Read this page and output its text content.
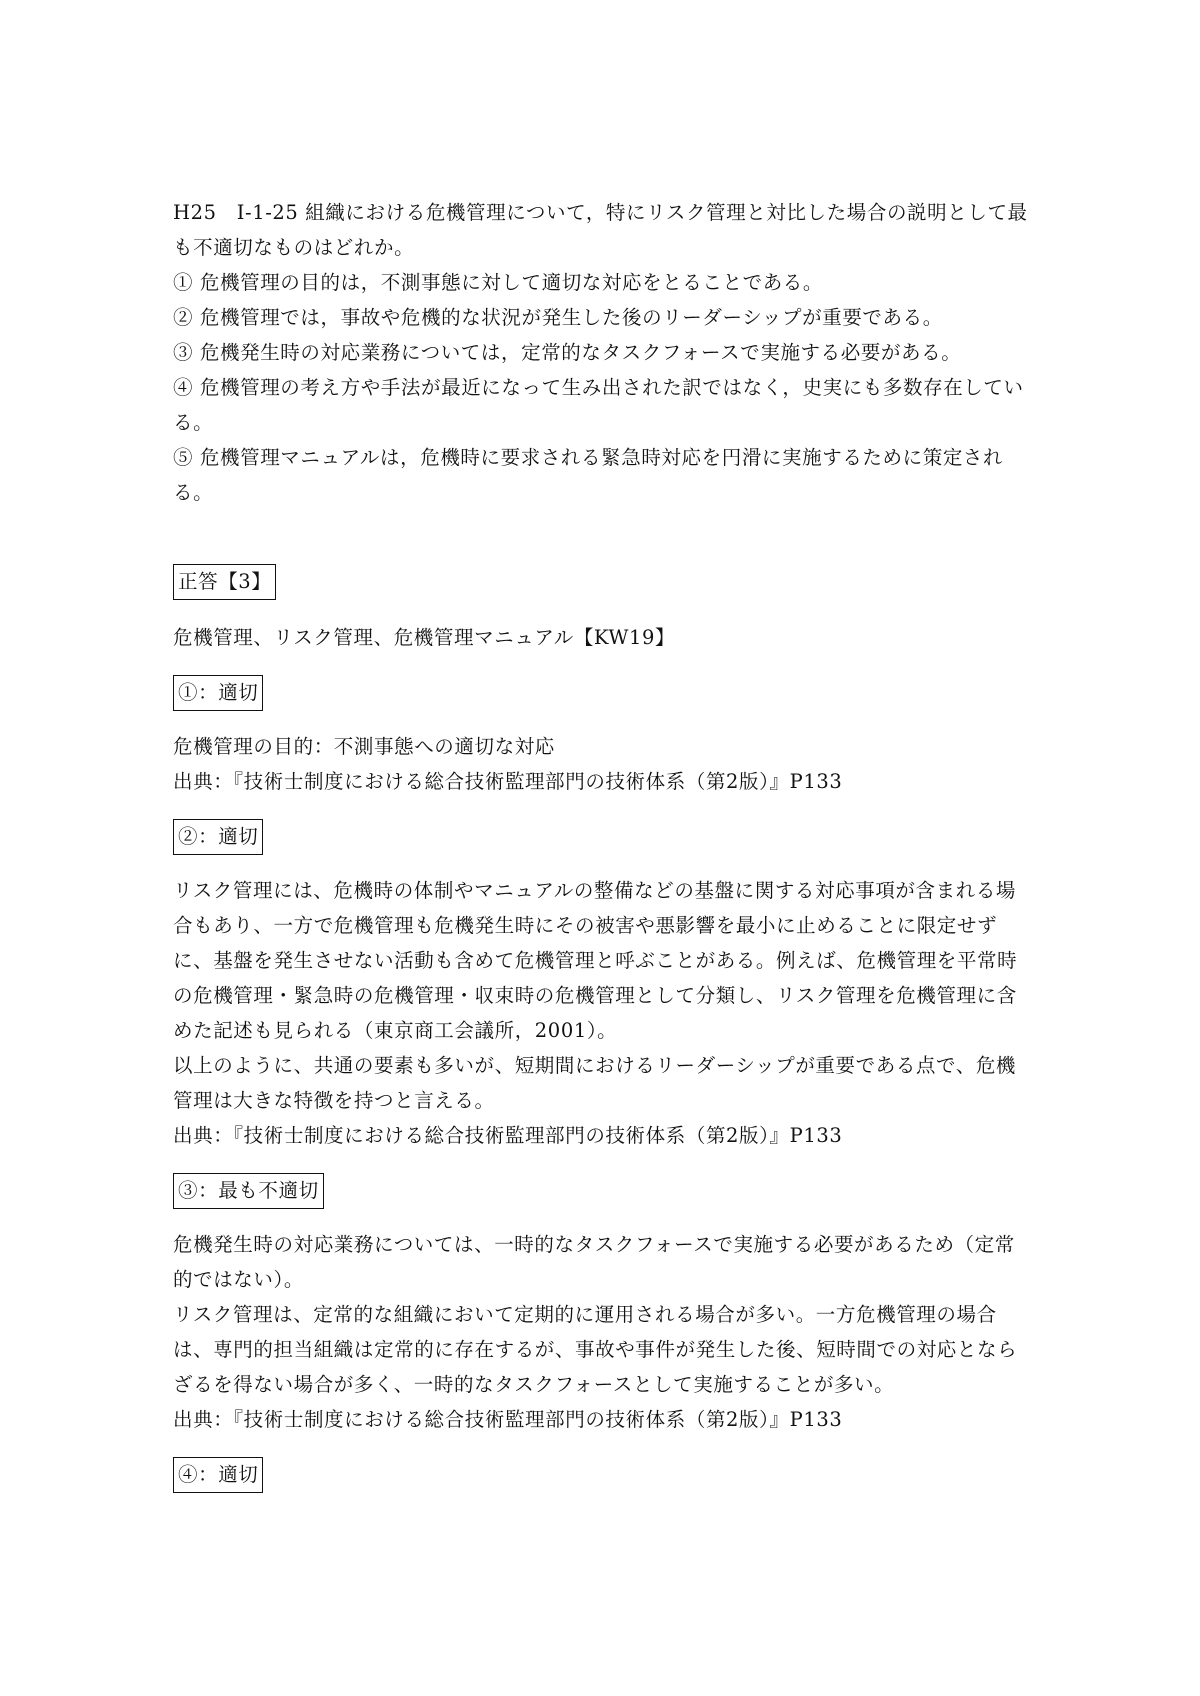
H25　Ⅰ-1-25 組織における危機管理について，特にリスク管理と対比した場合の説明として最も不適切なものはどれか。

① 危機管理の目的は，不測事態に対して適切な対応をとることである。

② 危機管理では，事故や危機的な状況が発生した後のリーダーシップが重要である。

③ 危機発生時の対応業務については，定常的なタスクフォースで実施する必要がある。

④ 危機管理の考え方や手法が最近になって生み出された訳ではなく，史実にも多数存在している。

⑤ 危機管理マニュアルは，危機時に要求される緊急時対応を円滑に実施するために策定される。

正答【3】

危機管理、リスク管理、危機管理マニュアル【KW19】

①：適切

危機管理の目的：不測事態への適切な対応

出典：『技術士制度における総合技術監理部門の技術体系（第2版）』P133

②：適切

リスク管理には、危機時の体制やマニュアルの整備などの基盤に関する対応事項が含まれる場合もあり、一方で危機管理も危機発生時にその被害や悪影響を最小に止めることに限定せずに、基盤を発生させない活動も含めて危機管理と呼ぶことがある。例えば、危機管理を平常時の危機管理・緊急時の危機管理・収束時の危機管理として分類し、リスク管理を危機管理に含めた記述も見られる（東京商工会議所，2001）。

以上のように、共通の要素も多いが、短期間におけるリーダーシップが重要である点で、危機管理は大きな特徴を持つと言える。

出典：『技術士制度における総合技術監理部門の技術体系（第2版）』P133

③：最も不適切

危機発生時の対応業務については、一時的なタスクフォースで実施する必要があるため（定常的ではない）。

リスク管理は、定常的な組織において定期的に運用される場合が多い。一方危機管理の場合は、専門的担当組織は定常的に存在するが、事故や事件が発生した後、短時間での対応とならざるを得ない場合が多く、一時的なタスクフォースとして実施することが多い。

出典：『技術士制度における総合技術監理部門の技術体系（第2版）』P133

④：適切
